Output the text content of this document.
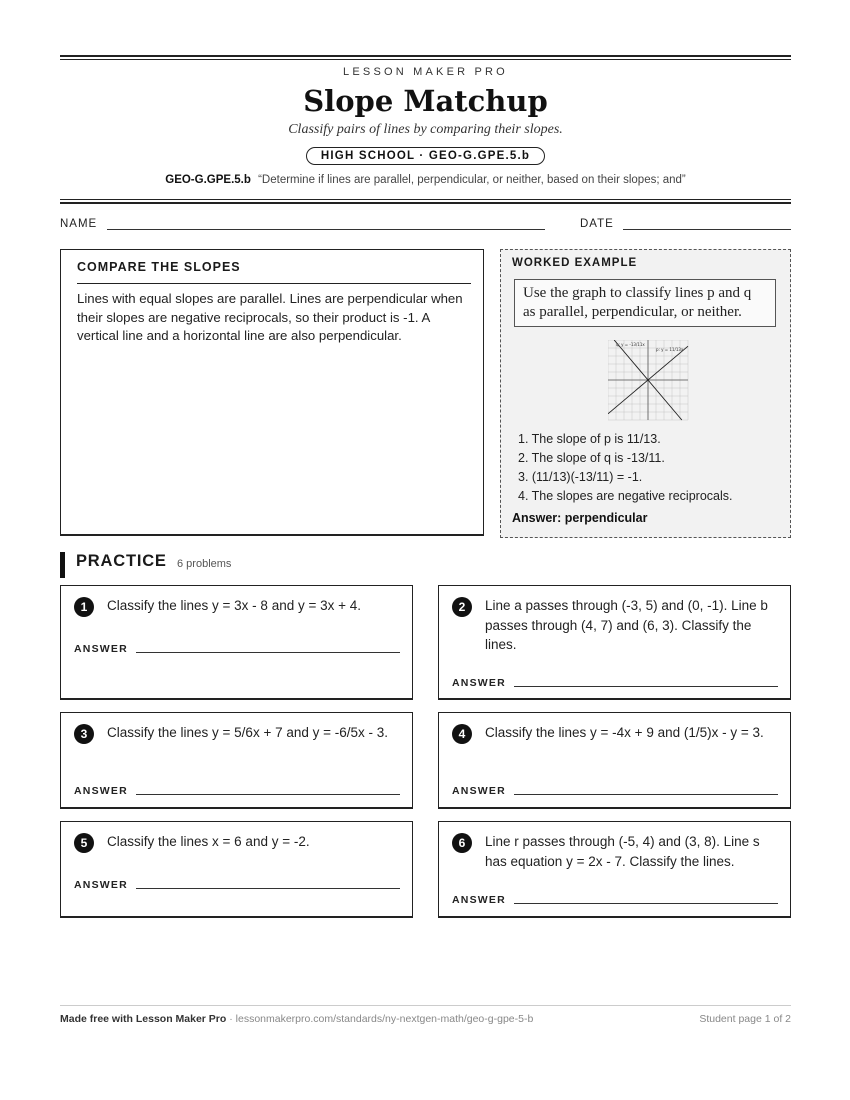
LESSON MAKER PRO
Slope Matchup
Classify pairs of lines by comparing their slopes.
HIGH SCHOOL · GEO-G.GPE.5.b
GEO-G.GPE.5.b “Determine if lines are parallel, perpendicular, or neither, based on their slopes; and”
NAME	DATE
COMPARE THE SLOPES
Lines with equal slopes are parallel. Lines are perpendicular when their slopes are negative reciprocals, so their product is -1. A vertical line and a horizontal line are also perpendicular.
WORKED EXAMPLE
Use the graph to classify lines p and q as parallel, perpendicular, or neither.
q: y = -13/11x
p: y = 11/13x
1. The slope of p is 11/13.
2. The slope of q is -13/11.
3. (11/13)(-13/11) = -1.
4. The slopes are negative reciprocals.
Answer: perpendicular
PRACTICE 6 problems
1	Classify the lines y = 3x - 8 and y = 3x + 4.
ANSWER
2	Line a passes through (-3, 5) and (0, -1). Line b passes through (4, 7) and (6, 3). Classify the lines.
ANSWER
3	Classify the lines y = 5/6x + 7 and y = -6/5x - 3.
ANSWER
4	Classify the lines y = -4x + 9 and (1/5)x - y = 3.
ANSWER
5	Classify the lines x = 6 and y = -2.
ANSWER
6	Line r passes through (-5, 4) and (3, 8). Line s has equation y = 2x - 7. Classify the lines.
ANSWER
Made free with Lesson Maker Pro · lessonmakerpro.com/standards/ny-nextgen-math/geo-g-gpe-5-b	Student page 1 of 2
